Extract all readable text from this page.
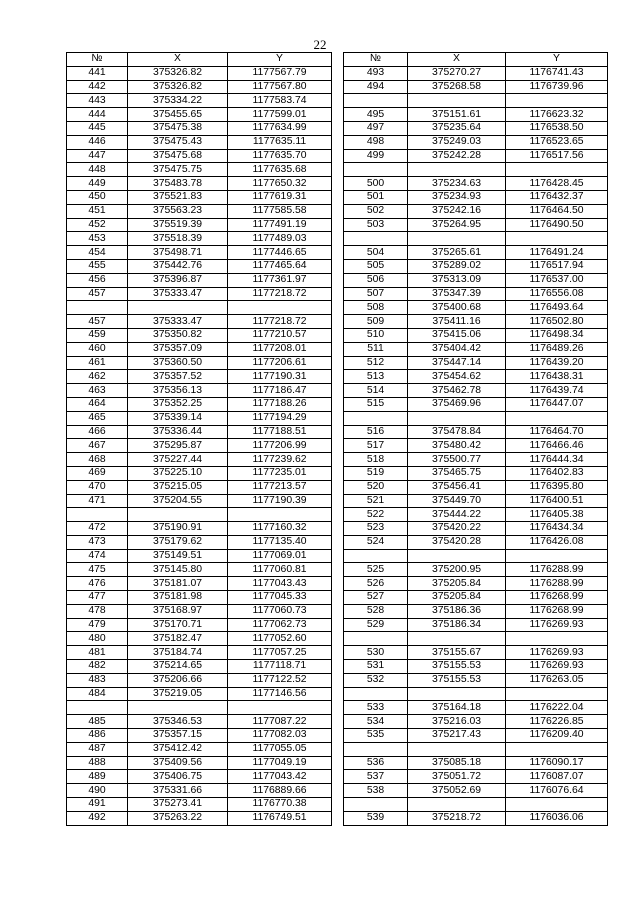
22
№	X	Y
441	375326.82	1177567.79
442	375326.82	1177567.80
443	375334.22	1177583.74
444	375455.65	1177599.01
445	375475.38	1177634.99
446	375475.43	1177635.11
447	375475.68	1177635.70
448	375475.75	1177635.68
449	375483.78	1177650.32
450	375521.83	1177619.31
451	375563.23	1177585.58
452	375519.39	1177491.19
453	375518.39	1177489.03
454	375498.71	1177446.65
455	375442.76	1177465.64
456	375396.87	1177361.97
457	375333.47	1177218.72

457	375333.47	1177218.72
459	375350.82	1177210.57
460	375357.09	1177208.01
461	375360.50	1177206.61
462	375357.52	1177190.31
463	375356.13	1177186.47
464	375352.25	1177188.26
465	375339.14	1177194.29
466	375336.44	1177188.51
467	375295.87	1177206.99
468	375227.44	1177239.62
469	375225.10	1177235.01
470	375215.05	1177213.57
471	375204.55	1177190.39

472	375190.91	1177160.32
473	375179.62	1177135.40
474	375149.51	1177069.01
475	375145.80	1177060.81
476	375181.07	1177043.43
477	375181.98	1177045.33
478	375168.97	1177060.73
479	375170.71	1177062.73
480	375182.47	1177052.60
481	375184.74	1177057.25
482	375214.65	1177118.71
483	375206.66	1177122.52
484	375219.05	1177146.56

485	375346.53	1177087.22
486	375357.15	1177082.03
487	375412.42	1177055.05
488	375409.56	1177049.19
489	375406.75	1177043.42
490	375331.66	1176889.66
491	375273.41	1176770.38
492	375263.22	1176749.51
№	X	Y
493	375270.27	1176741.43
494	375268.58	1176739.96

495	375151.61	1176623.32
497	375235.64	1176538.50
498	375249.03	1176523.65
499	375242.28	1176517.56

500	375234.63	1176428.45
501	375234.93	1176432.37
502	375242.16	1176464.50
503	375264.95	1176490.50

504	375265.61	1176491.24
505	375289.02	1176517.94
506	375313.09	1176537.00
507	375347.39	1176556.08
508	375400.68	1176493.64
509	375411.16	1176502.80
510	375415.06	1176498.34
511	375404.42	1176489.26
512	375447.14	1176439.20
513	375454.62	1176438.31
514	375462.78	1176439.74
515	375469.96	1176447.07

516	375478.84	1176464.70
517	375480.42	1176466.46
518	375500.77	1176444.34
519	375465.75	1176402.83
520	375456.41	1176395.80
521	375449.70	1176400.51
522	375444.22	1176405.38
523	375420.22	1176434.34
524	375420.28	1176426.08

525	375200.95	1176288.99
526	375205.84	1176288.99
527	375205.84	1176268.99
528	375186.36	1176268.99
529	375186.34	1176269.93

530	375155.67	1176269.93
531	375155.53	1176269.93
532	375155.53	1176263.05

533	375164.18	1176222.04
534	375216.03	1176226.85
535	375217.43	1176209.40

536	375085.18	1176090.17
537	375051.72	1176087.07
538	375052.69	1176076.64

539	375218.72	1176036.06
